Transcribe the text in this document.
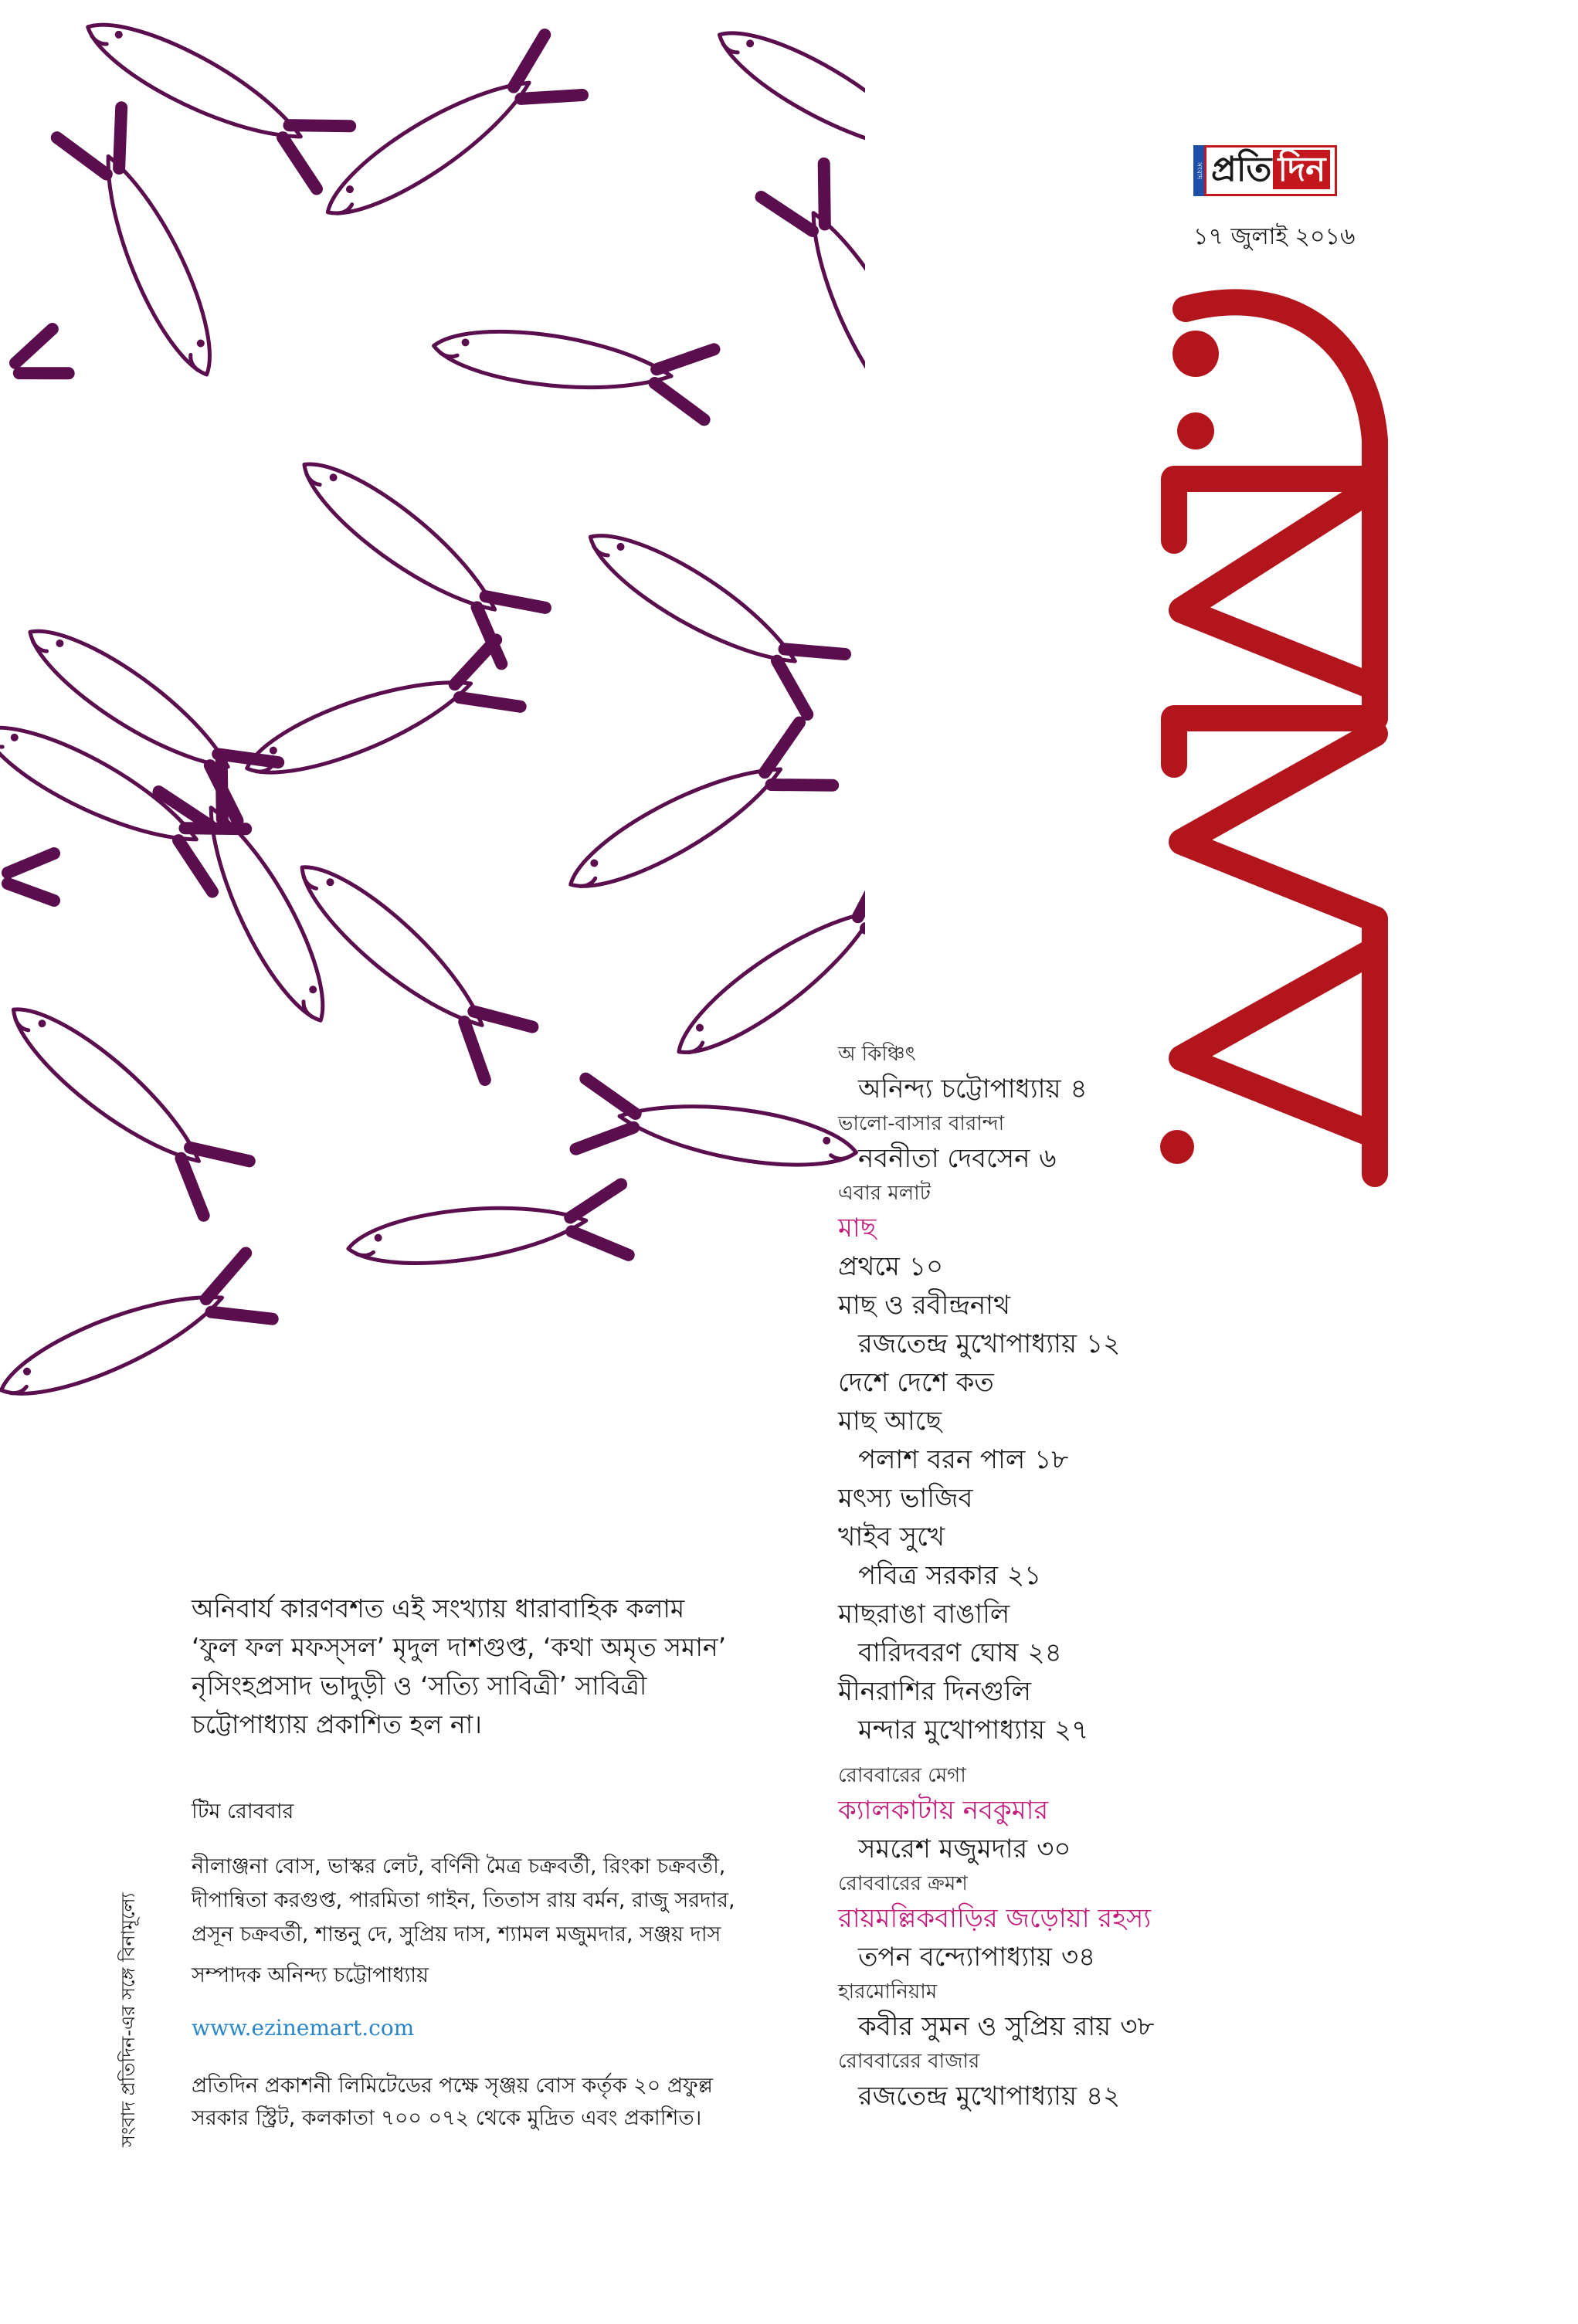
সংবাদ প্রতি দিন
১৭ জুলাই ২০১৬
অ কিঞ্চিৎ
অনিন্দ্য চট্টোপাধ্যায় ৪
ভালো-বাসার বারান্দা
নবনীতা দেবসেন ৬
এবার মলাট
মাছ
প্রথমে ১০
মাছ ও রবীন্দ্রনাথ
রজতেন্দ্র মুখোপাধ্যায় ১২
দেশে দেশে কত
মাছ আছে
পলাশ বরন পাল ১৮
মৎস্য ভাজিব
খাইব সুখে
পবিত্র সরকার ২১
মাছরাঙা বাঙালি
বারিদবরণ ঘোষ ২৪
মীনরাশির দিনগুলি
মন্দার মুখোপাধ্যায় ২৭
রোববারের মেগা
ক্যালকাটায় নবকুমার
সমরেশ মজুমদার ৩০
রোববারের ক্রমশ
রায়মল্লিকবাড়ির জড়োয়া রহস্য
তপন বন্দ্যোপাধ্যায় ৩৪
হারমোনিয়াম
কবীর সুমন ও সুপ্রিয় রায় ৩৮
রোববারের বাজার
রজতেন্দ্র মুখোপাধ্যায় ৪২
অনিবার্য কারণবশত এই সংখ্যায় ধারাবাহিক কলাম ‘ফুল ফল মফস্‌সল’ মৃদুল দাশগুপ্ত, ‘কথা অমৃত সমান’ নৃসিংহপ্রসাদ ভাদুড়ী ও ‘সত্যি সাবিত্রী’ সাবিত্রী চট্টোপাধ্যায় প্রকাশিত হল না।
টিম রোববার
নীলাঞ্জনা বোস, ভাস্কর লেট, বর্ণিনী মৈত্র চক্রবর্তী, রিংকা চক্রবর্তী, দীপান্বিতা করগুপ্ত, পারমিতা গাইন, তিতাস রায় বর্মন, রাজু সরদার, প্রসূন চক্রবর্তী, শান্তনু দে, সুপ্রিয় দাস, শ্যামল মজুমদার, সঞ্জয় দাস
সম্পাদক অনিন্দ্য চট্টোপাধ্যায়
www.ezinemart.com
প্রতিদিন প্রকাশনী লিমিটেডের পক্ষে সৃঞ্জয় বোস কর্তৃক ২০ প্রফুল্ল সরকার স্ট্রিট, কলকাতা ৭০০ ০৭২ থেকে মুদ্রিত এবং প্রকাশিত।
সংবাদ প্রতিদিন-এর সঙ্গে বিনামূল্যে
